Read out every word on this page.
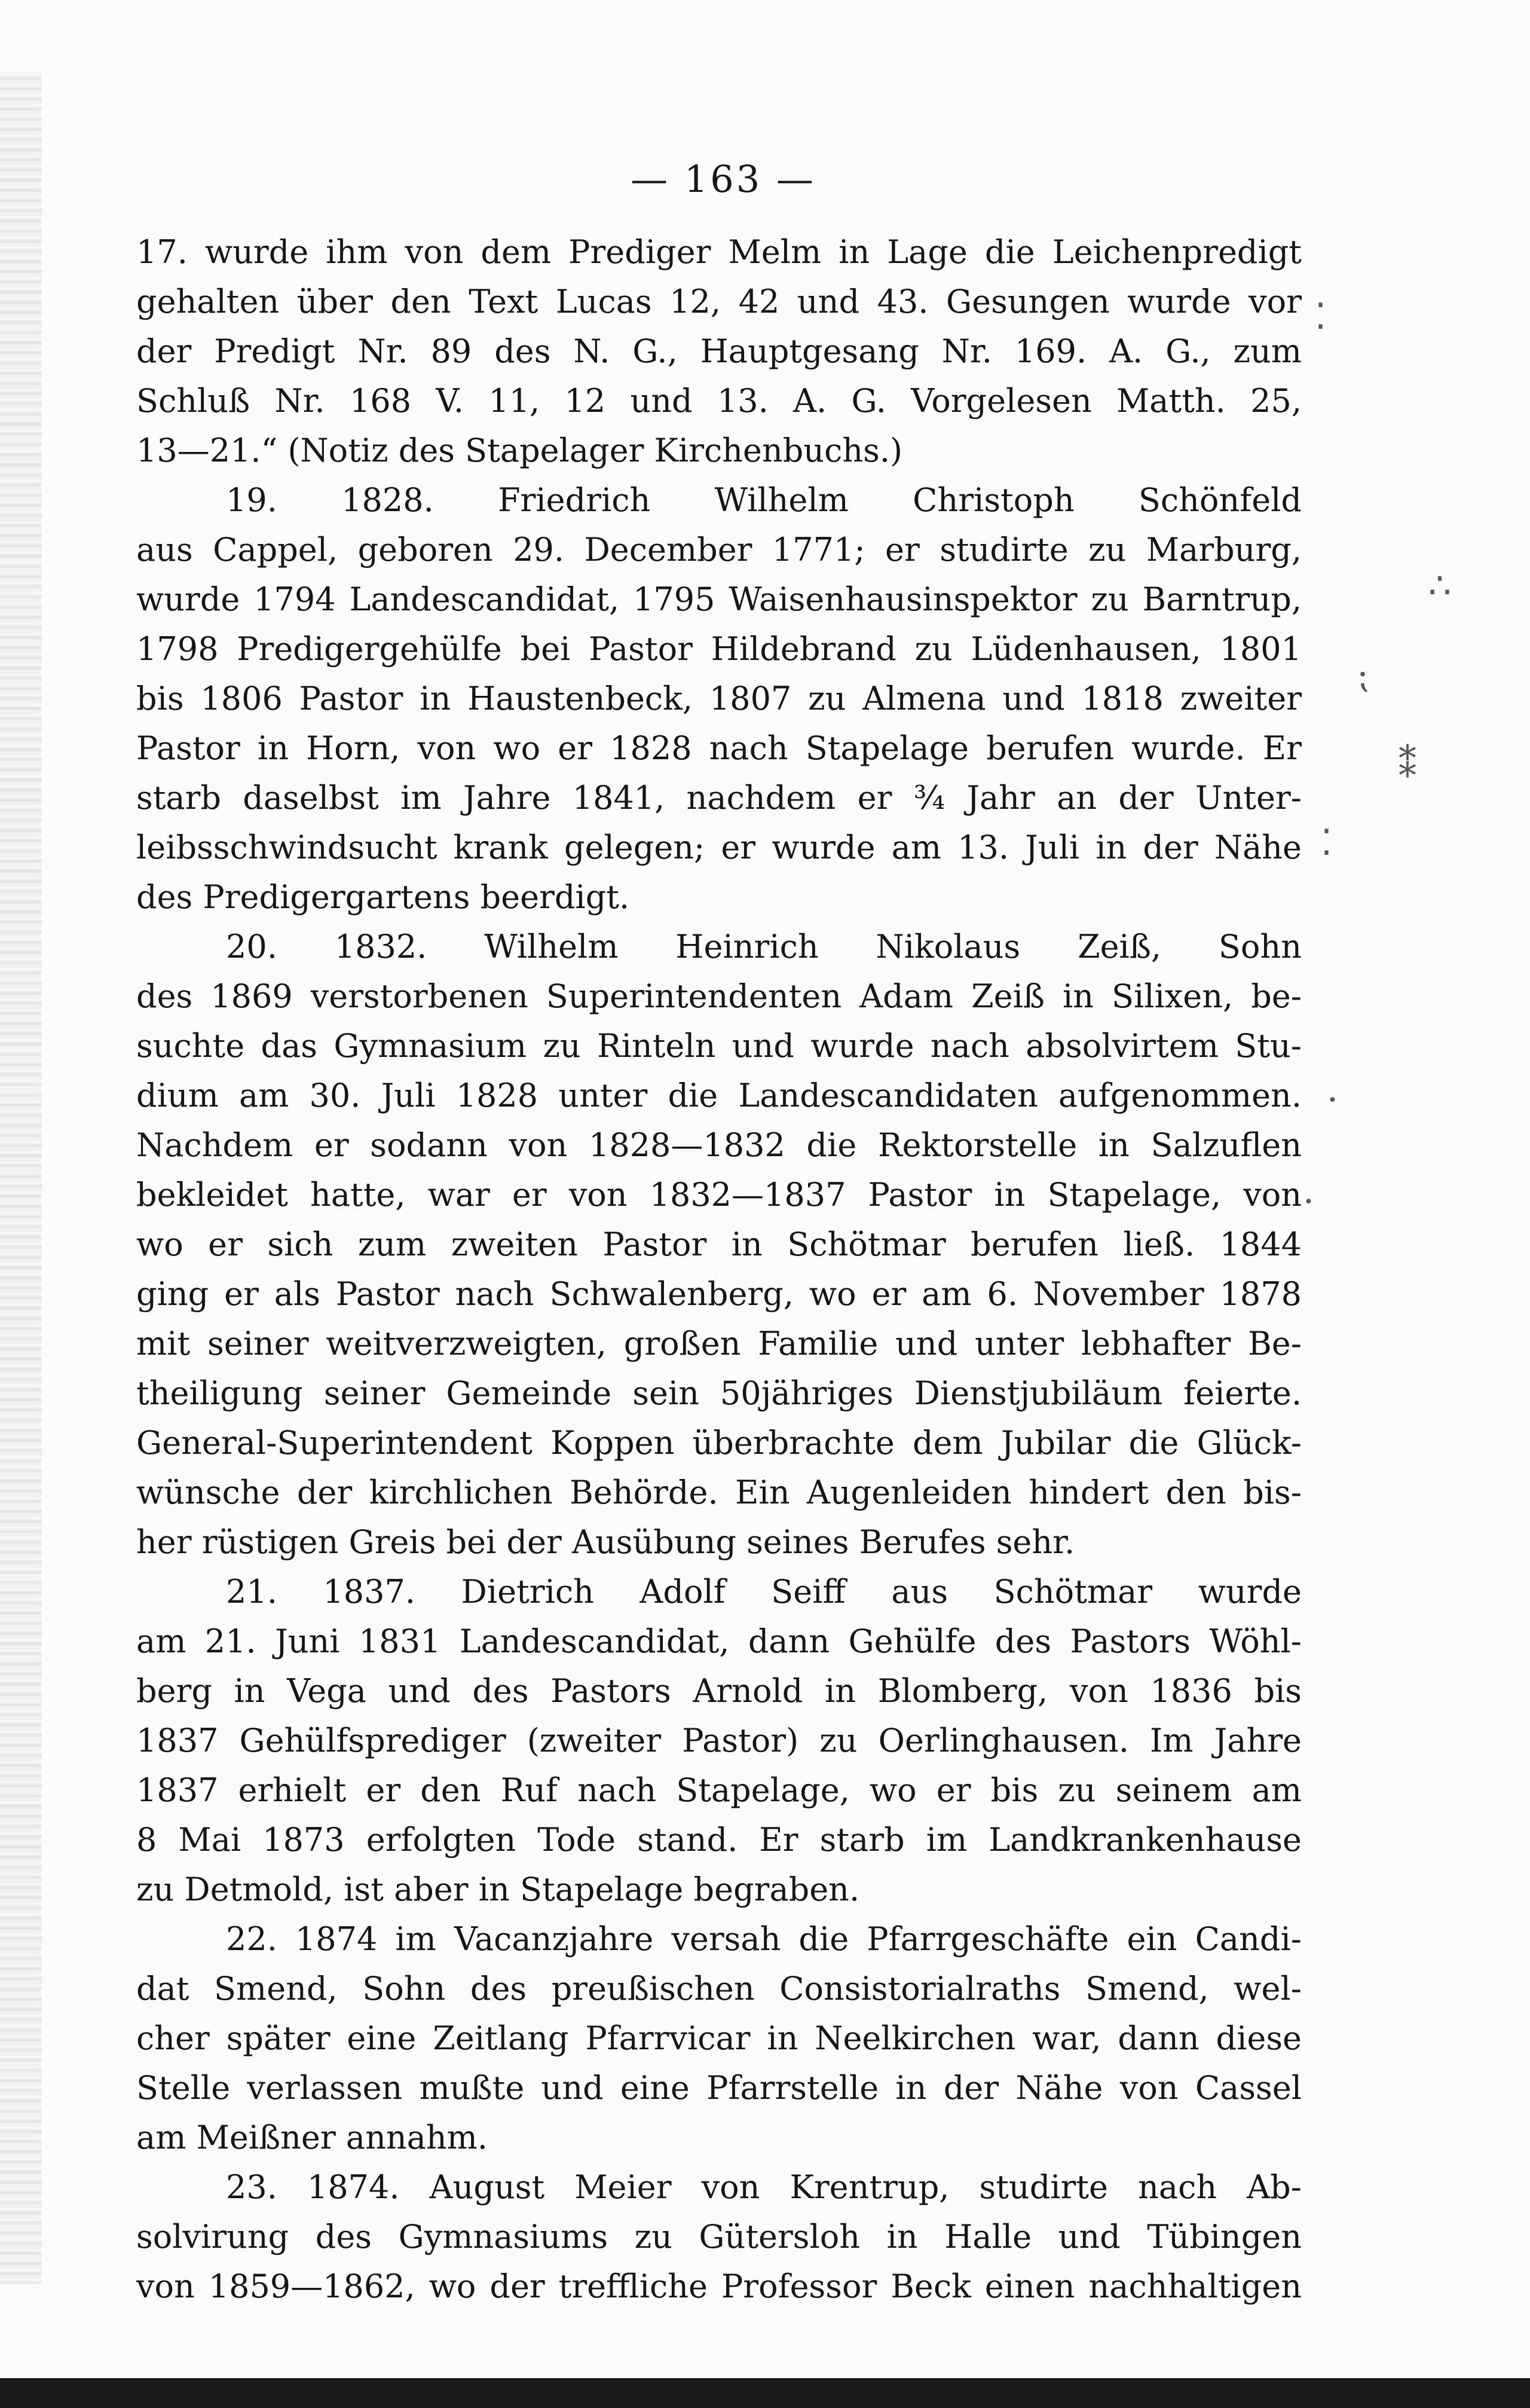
— 163 —
17. wurde ihm von dem Prediger Melm in Lage die Leichenpredigt
gehalten über den Text Lucas 12, 42 und 43. Gesungen wurde vor
der Predigt Nr. 89 des N. G., Hauptgesang Nr. 169. A. G., zum
Schluß Nr. 168 V. 11, 12 und 13. A. G. Vorgelesen Matth. 25,
13—21.“ (Notiz des Stapelager Kirchenbuchs.)
19. 1828. Friedrich Wilhelm Christoph Schönfeld
aus Cappel, geboren 29. December 1771; er studirte zu Marburg,
wurde 1794 Landescandidat, 1795 Waisenhausinspektor zu Barntrup,
1798 Predigergehülfe bei Pastor Hildebrand zu Lüdenhausen, 1801
bis 1806 Pastor in Haustenbeck, 1807 zu Almena und 1818 zweiter
Pastor in Horn, von wo er 1828 nach Stapelage berufen wurde. Er
starb daselbst im Jahre 1841, nachdem er ¾ Jahr an der Unter-
leibsschwindsucht krank gelegen; er wurde am 13. Juli in der Nähe
des Predigergartens beerdigt.
20. 1832. Wilhelm Heinrich Nikolaus Zeiß, Sohn
des 1869 verstorbenen Superintendenten Adam Zeiß in Silixen, be-
suchte das Gymnasium zu Rinteln und wurde nach absolvirtem Stu-
dium am 30. Juli 1828 unter die Landescandidaten aufgenommen.
Nachdem er sodann von 1828—1832 die Rektorstelle in Salzuflen
bekleidet hatte, war er von 1832—1837 Pastor in Stapelage, von
wo er sich zum zweiten Pastor in Schötmar berufen ließ. 1844
ging er als Pastor nach Schwalenberg, wo er am 6. November 1878
mit seiner weitverzweigten, großen Familie und unter lebhafter Be-
theiligung seiner Gemeinde sein 50jähriges Dienstjubiläum feierte.
General-Superintendent Koppen überbrachte dem Jubilar die Glück-
wünsche der kirchlichen Behörde. Ein Augenleiden hindert den bis-
her rüstigen Greis bei der Ausübung seines Berufes sehr.
21. 1837. Dietrich Adolf Seiff aus Schötmar wurde
am 21. Juni 1831 Landescandidat, dann Gehülfe des Pastors Wöhl-
berg in Vega und des Pastors Arnold in Blomberg, von 1836 bis
1837 Gehülfsprediger (zweiter Pastor) zu Oerlinghausen. Im Jahre
1837 erhielt er den Ruf nach Stapelage, wo er bis zu seinem am
8 Mai 1873 erfolgten Tode stand. Er starb im Landkrankenhause
zu Detmold, ist aber in Stapelage begraben.
22. 1874 im Vacanzjahre versah die Pfarrgeschäfte ein Candi-
dat Smend, Sohn des preußischen Consistorialraths Smend, wel-
cher später eine Zeitlang Pfarrvicar in Neelkirchen war, dann diese
Stelle verlassen mußte und eine Pfarrstelle in der Nähe von Cassel
am Meißner annahm.
23. 1874. August Meier von Krentrup, studirte nach Ab-
solvirung des Gymnasiums zu Gütersloh in Halle und Tübingen
von 1859—1862, wo der treffliche Professor Beck einen nachhaltigen
⁚
∴
⁏
⁑
⁚
·
·
